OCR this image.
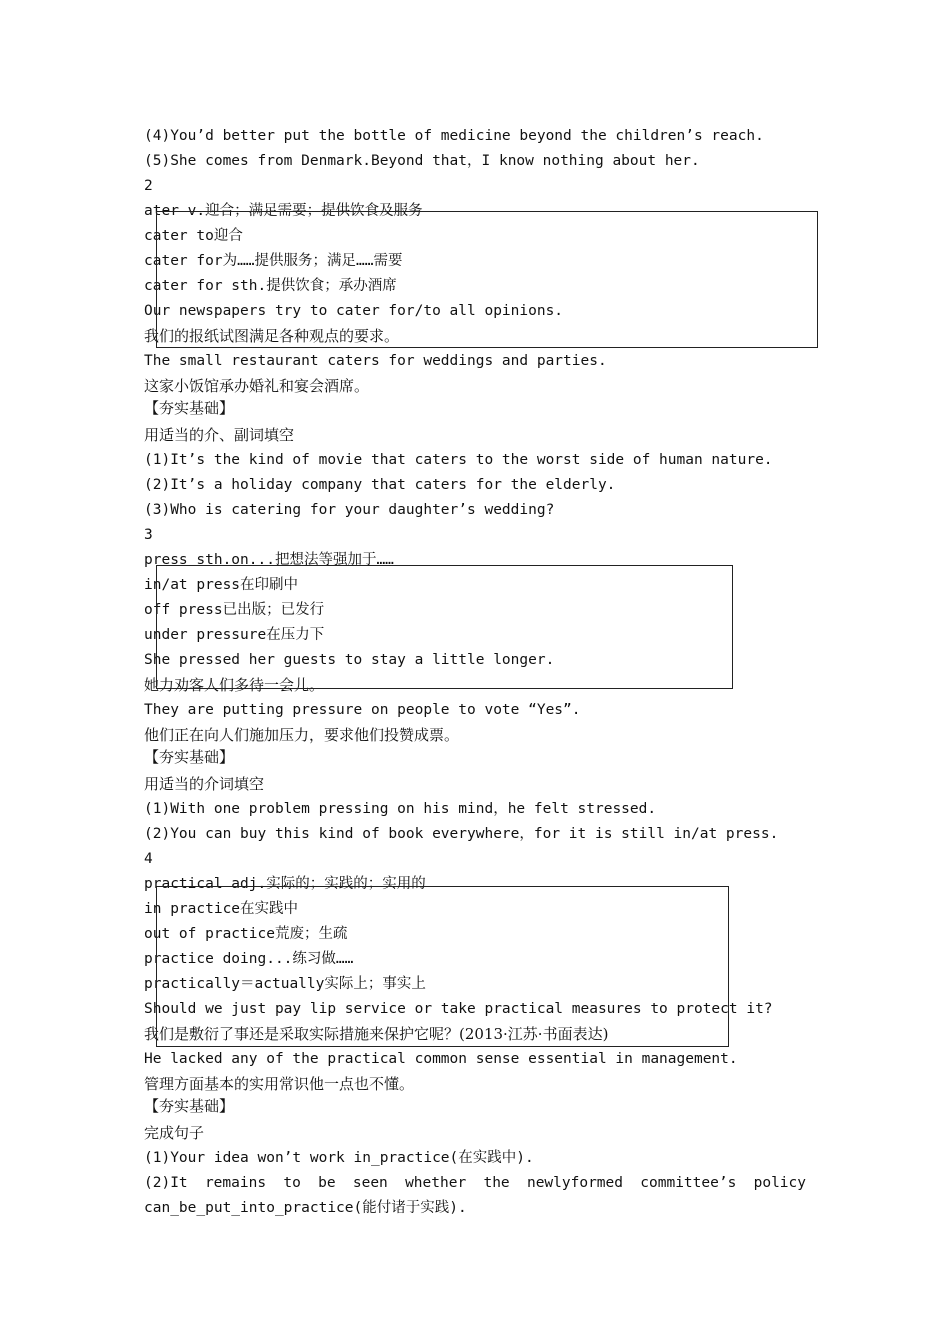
(4)You’d better put the bottle of medicine beyond the children’s reach.
(5)She comes from Denmark.Beyond that，I know nothing about her.
2
ater v.迎合；满足需要；提供饮食及服务
cater to迎合
cater for为……提供服务；满足……需要
cater for sth.提供饮食；承办酒席
Our newspapers try to cater for/to all opinions.
我们的报纸试图满足各种观点的要求。
The small restaurant caters for weddings and parties.
这家小饭馆承办婚礼和宴会酒席。
【夯实基础】
用适当的介、副词填空
(1)It’s the kind of movie that caters to the worst side of human nature.
(2)It’s a holiday company that caters for the elderly.
(3)Who is catering for your daughter’s wedding?
3
press sth.on...把想法等强加于……
in/at press在印刷中
off press已出版；已发行
under pressure在压力下
She pressed her guests to stay a little longer.
她力劝客人们多待一会儿。
They are putting pressure on people to vote “Yes”.
他们正在向人们施加压力，要求他们投赞成票。
【夯实基础】
用适当的介词填空
(1)With one problem pressing on his mind，he felt stressed.
(2)You can buy this kind of book everywhere，for it is still in/at press.
4
practical adj.实际的；实践的；实用的
in practice在实践中
out of practice荒废；生疏
practice doing...练习做……
practically＝actually实际上；事实上
Should we just pay lip service or take practical measures to protect it?
我们是敷衍了事还是采取实际措施来保护它呢？(2013·江苏·书面表达)
He lacked any of the practical common sense essential in management.
管理方面基本的实用常识他一点也不懂。
【夯实基础】
完成句子
(1)Your idea won’t work in_practice(在实践中).
(2)It remains to be seen whether the newlyformed committee’s policy
can_be_put_into_practice(能付诸于实践).
